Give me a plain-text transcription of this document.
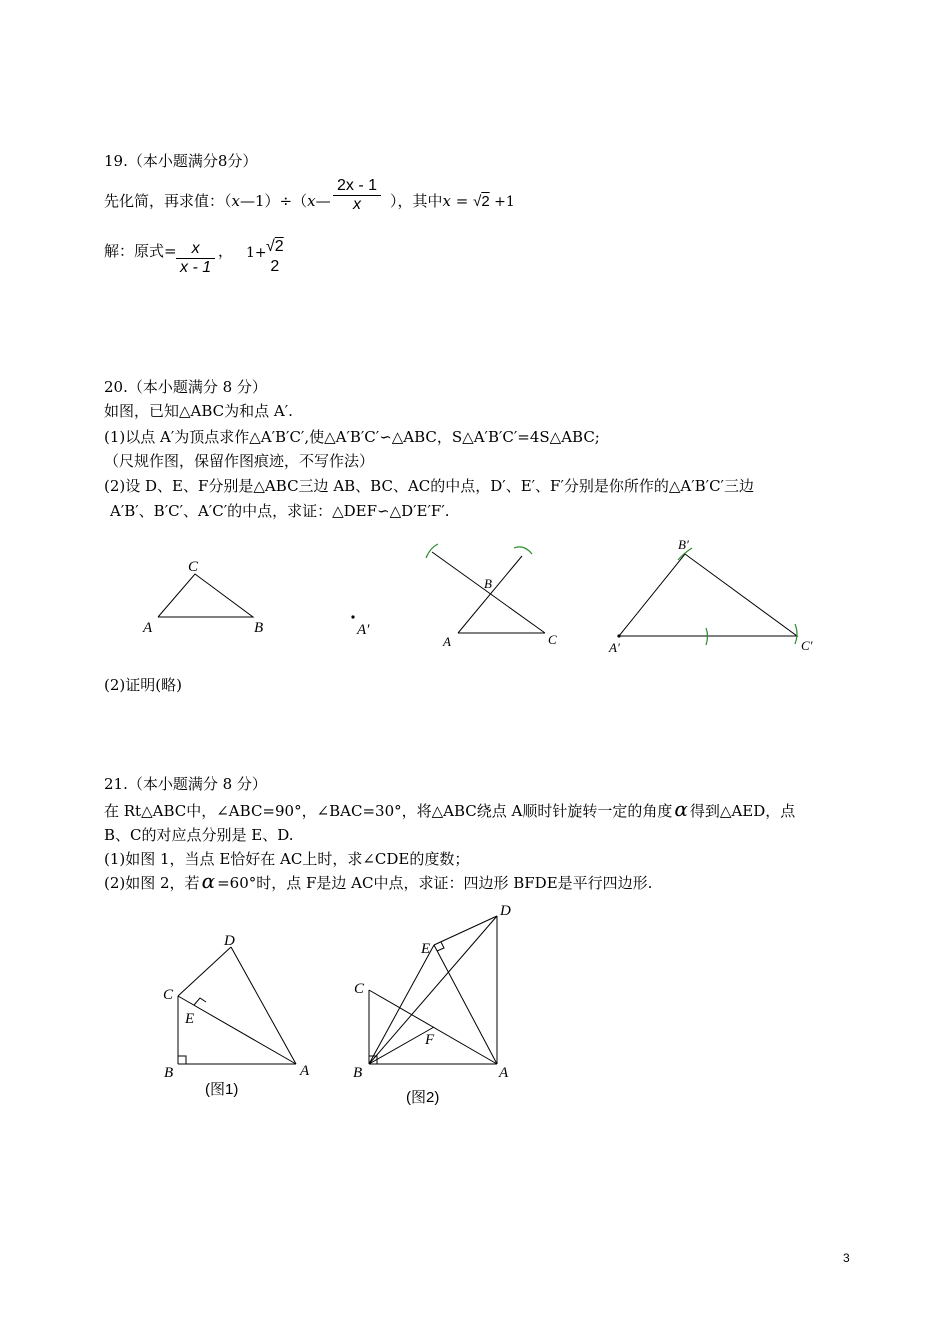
19.（本小题满分8分）
先化简，再求值：（x—1）÷（x— $\frac{2x - 1}{x}$ ），其中x = √2 +1
解：原式= $\frac{x}{x - 1}$ ， 1+ √2
2
20.（本小题满分 8 分）
如图，已知△ABC为和点 A′.
(1)以点 A′为顶点求作△A′B′C′,使△A′B′C′∽△ABC，S△A′B′C′=4S△ABC;
（尺规作图，保留作图痕迹，不写作法）
(2)设 D、E、F分别是△ABC三边 AB、BC、AC的中点，D′、E′、F′分别是你所作的△A′B′C′三边
A′B′、B′C′、A′C′的中点，求证：△DEF∽△D′E′F′.
C
A	B	A′
B
A	C
B′
A′	C′
(2)证明(略)
21.（本小题满分 8 分）
在 Rt△ABC中，∠ABC=90°，∠BAC=30°，将△ABC绕点 A顺时针旋转一定的角度 α 得到△AED，点
B、C的对应点分别是 E、D.
(1)如图 1，当点 E恰好在 AC上时，求∠CDE的度数；
(2)如图 2，若 α =60°时，点 F是边 AC中点，求证：四边形 BFDE是平行四边形.
D
C
E
B	A
D
E
C
F
B	A
(图1)	(图2)
3
